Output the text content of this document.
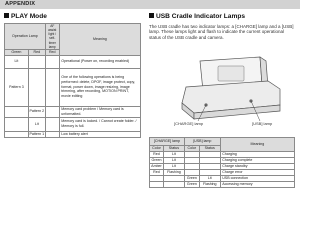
APPENDIX
PLAY Mode
Operation Lamp		AF assist light / self-timer lamp	Meaning
Green	Red	Red	
Lit			Operational (Power on, recording enabled)
Pattern 3			One of the following operations is being performed: delete, DPOF, image protect, copy, format, power down, image resizing, image trimming, after recording, MOTION PRINT, movie editing
	Pattern 2		Memory card problem / Memory card is unformatted.
	Lit		Memory card is locked. / Cannot create folder. / Memory is full.
	Pattern 1		Low battery alert
USB Cradle Indicator Lamps
The USB cradle has two indicator lamps: a [CHARGE] lamp and a [USB] lamp. These lamps light and flash to indicate the current operational status of the USB cradle and camera.
[CHARGE] lamp	[USB] lamp
[CHARGE] lamp		[USB] lamp		Meaning
Color	Status	Color	Status	
Red	Lit			Charging
Green	Lit			Charging complete
Amber	Lit			Charge standby
Red	Flashing			Charge error
		Green	Lit	USB connection
		Green	Flashing	Accessing memory
